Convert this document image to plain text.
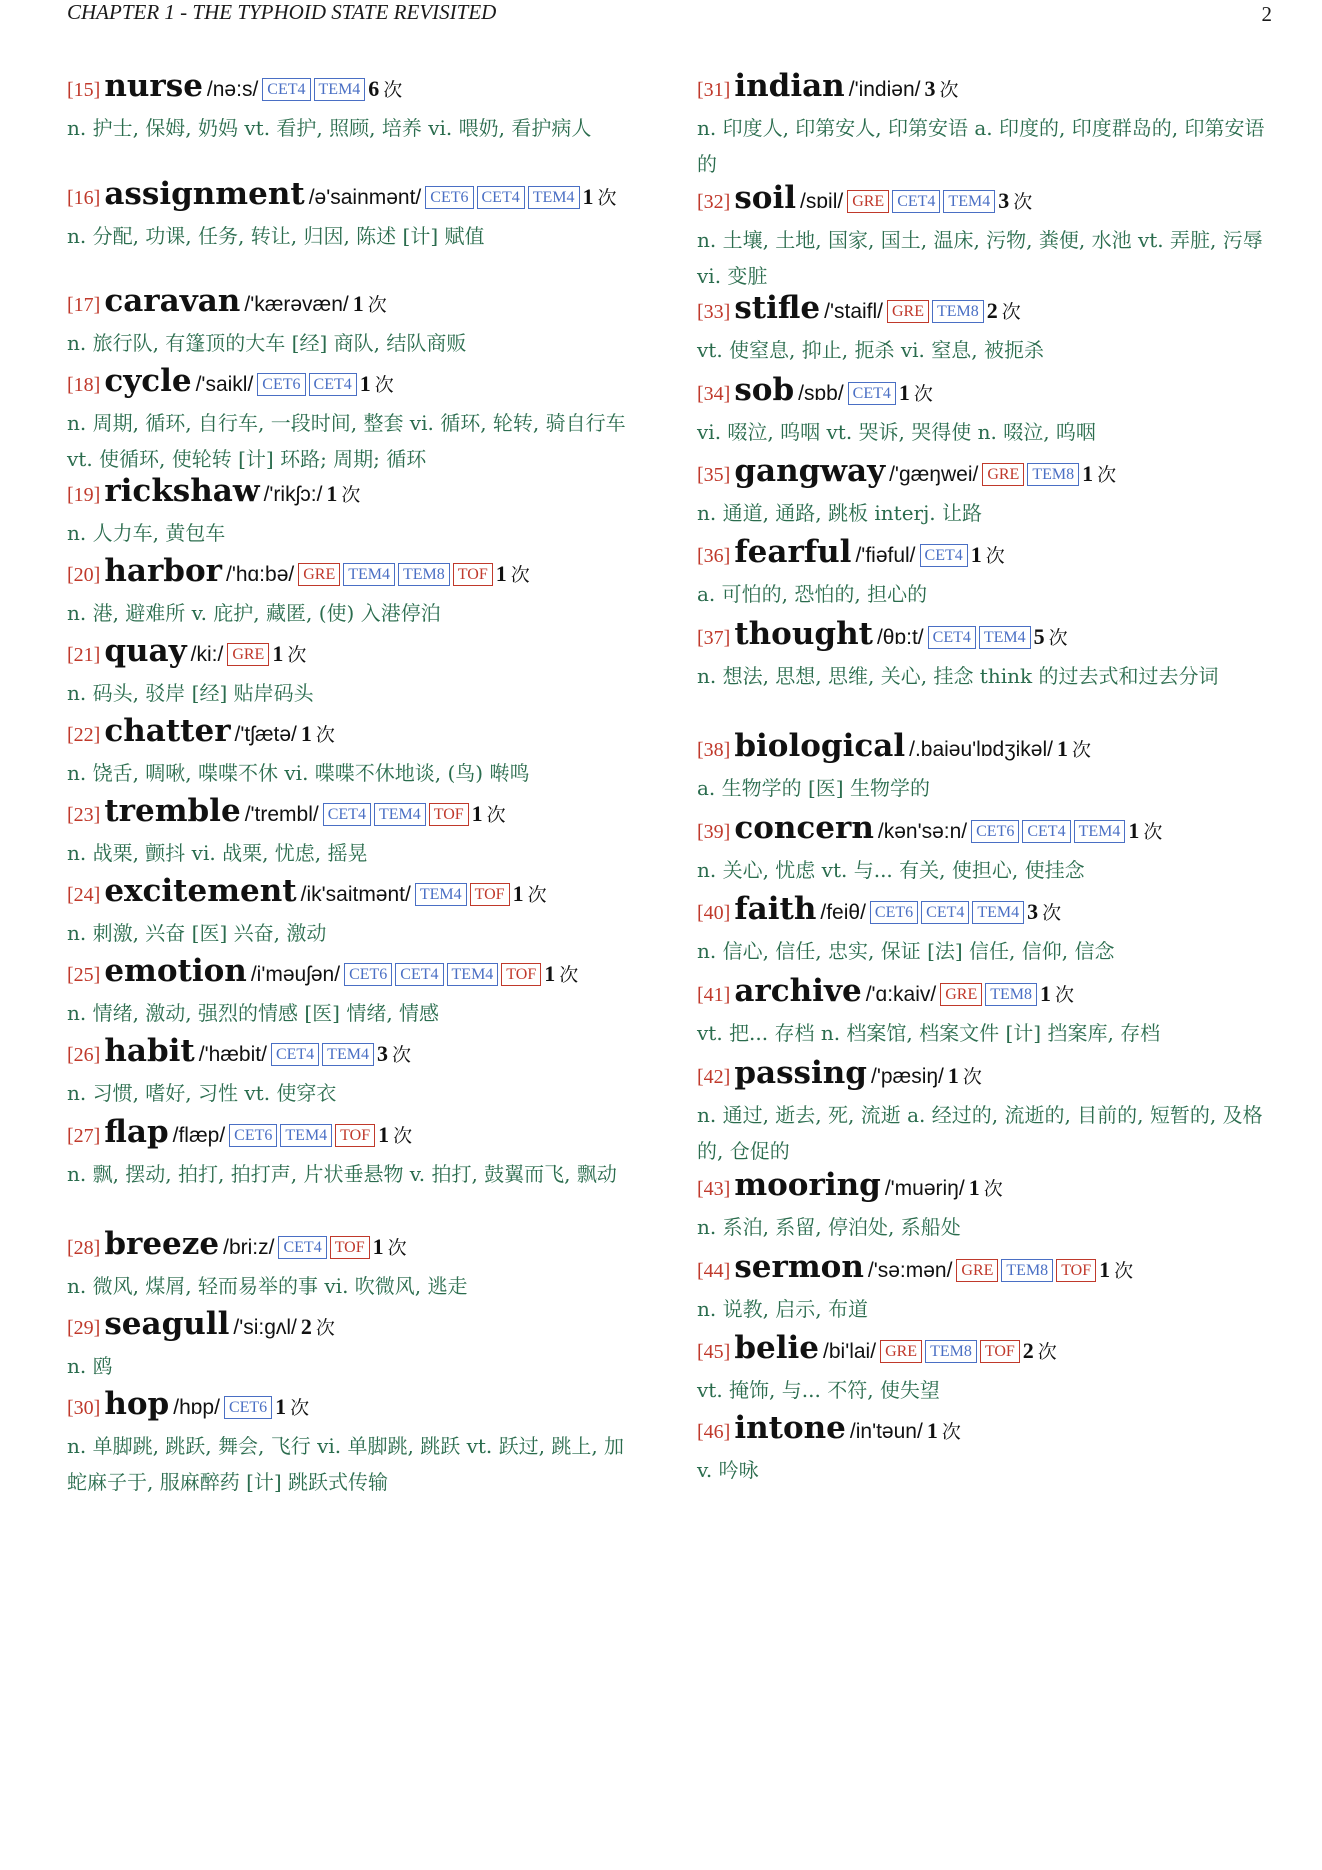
CHAPTER 1 - THE TYPHOID STATE REVISITED	2
[15] nurse /nə:s/ CET4 TEM4 6 次
n. 护士, 保姆, 奶妈 vt. 看护, 照顾, 培养 vi. 喂奶, 看护病人
[16] assignment /ə'sainmənt/ CET6 CET4 TEM4 1 次
n. 分配, 功课, 任务, 转让, 归因, 陈述 [计] 赋值
[17] caravan /'kærəvæn/ 1 次
n. 旅行队, 有篷顶的大车 [经] 商队, 结队商贩
[18] cycle /'saikl/ CET6 CET4 1 次
n. 周期, 循环, 自行车, 一段时间, 整套 vi. 循环, 轮转, 骑自行车 vt. 使循环, 使轮转 [计] 环路; 周期; 循环
[19] rickshaw /'rikʃɔ:/ 1 次
n. 人力车, 黄包车
[20] harbor /'hɑ:bə/ GRE TEM4 TEM8 TOF 1 次
n. 港, 避难所 v. 庇护, 藏匿, (使) 入港停泊
[21] quay /ki:/ GRE 1 次
n. 码头, 驳岸 [经] 贴岸码头
[22] chatter /'tʃætə/ 1 次
n. 饶舌, 啁啾, 喋喋不休 vi. 喋喋不休地谈, (鸟) 啭鸣
[23] tremble /'trembl/ CET4 TEM4 TOF 1 次
n. 战栗, 颤抖 vi. 战栗, 忧虑, 摇晃
[24] excitement /ik'saitmənt/ TEM4 TOF 1 次
n. 刺激, 兴奋 [医] 兴奋, 激动
[25] emotion /i'məuʃən/ CET6 CET4 TEM4 TOF 1 次
n. 情绪, 激动, 强烈的情感 [医] 情绪, 情感
[26] habit /'hæbit/ CET4 TEM4 3 次
n. 习惯, 嗜好, 习性 vt. 使穿衣
[27] flap /flæp/ CET6 TEM4 TOF 1 次
n. 飘, 摆动, 拍打, 拍打声, 片状垂悬物 v. 拍打, 鼓翼而飞, 飘动
[28] breeze /bri:z/ CET4 TOF 1 次
n. 微风, 煤屑, 轻而易举的事 vi. 吹微风, 逃走
[29] seagull /'si:gʌl/ 2 次
n. 鸥
[30] hop /hɒp/ CET6 1 次
n. 单脚跳, 跳跃, 舞会, 飞行 vi. 单脚跳, 跳跃 vt. 跃过, 跳上, 加蛇麻子于, 服麻醉药 [计] 跳跃式传输
[31] indian /'indiən/ 3 次
n. 印度人, 印第安人, 印第安语 a. 印度的, 印度群岛的, 印第安语的
[32] soil /sɒil/ GRE CET4 TEM4 3 次
n. 土壤, 土地, 国家, 国土, 温床, 污物, 粪便, 水池 vt. 弄脏, 污辱 vi. 变脏
[33] stifle /'staifl/ GRE TEM8 2 次
vt. 使窒息, 抑止, 扼杀 vi. 窒息, 被扼杀
[34] sob /sɒb/ CET4 1 次
vi. 啜泣, 呜咽 vt. 哭诉, 哭得使 n. 啜泣, 呜咽
[35] gangway /'gæŋwei/ GRE TEM8 1 次
n. 通道, 通路, 跳板 interj. 让路
[36] fearful /'fiəful/ CET4 1 次
a. 可怕的, 恐怕的, 担心的
[37] thought /θɒ:t/ CET4 TEM4 5 次
n. 想法, 思想, 思维, 关心, 挂念 think 的过去式和过去分词
[38] biological /.baiəu'lɒdʒikəl/ 1 次
a. 生物学的 [医] 生物学的
[39] concern /kən'sə:n/ CET6 CET4 TEM4 1 次
n. 关心, 忧虑 vt. 与... 有关, 使担心, 使挂念
[40] faith /feiθ/ CET6 CET4 TEM4 3 次
n. 信心, 信任, 忠实, 保证 [法] 信任, 信仰, 信念
[41] archive /'ɑ:kaiv/ GRE TEM8 1 次
vt. 把... 存档 n. 档案馆, 档案文件 [计] 挡案库, 存档
[42] passing /'pæsiŋ/ 1 次
n. 通过, 逝去, 死, 流逝 a. 经过的, 流逝的, 目前的, 短暂的, 及格的, 仓促的
[43] mooring /'muəriŋ/ 1 次
n. 系泊, 系留, 停泊处, 系船处
[44] sermon /'sə:mən/ GRE TEM8 TOF 1 次
n. 说教, 启示, 布道
[45] belie /bi'lai/ GRE TEM8 TOF 2 次
vt. 掩饰, 与... 不符, 使失望
[46] intone /in'təun/ 1 次
v. 吟咏
